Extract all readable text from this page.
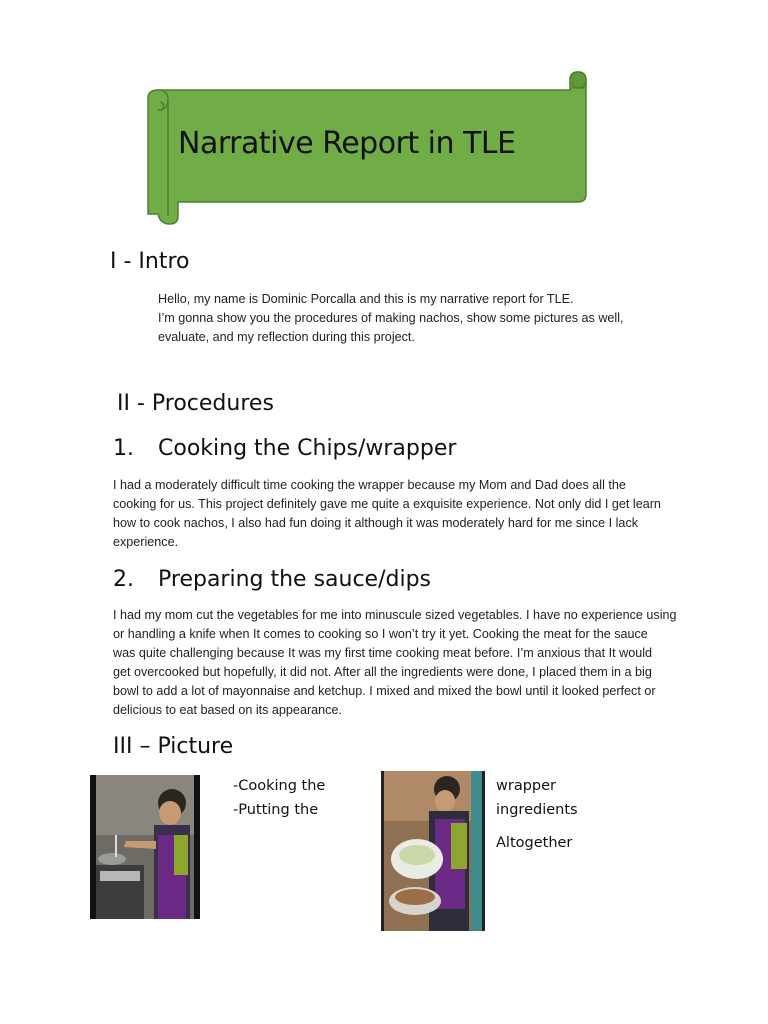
Narrative Report in TLE
I - Intro
Hello, my name is Dominic Porcalla and this is my narrative report for TLE.
I’m gonna show you the procedures of making nachos, show some pictures as well,
evaluate, and my reflection during this project.
II - Procedures
1. Cooking the Chips/wrapper
I had a moderately difficult time cooking the wrapper because my Mom and Dad does all the
cooking for us. This project definitely gave me quite a exquisite experience. Not only did I get learn
how to cook nachos, I also had fun doing it although it was moderately hard for me since I lack
experience.
2. Preparing the sauce/dips
I had my mom cut the vegetables for me into minuscule sized vegetables. I have no experience using
or handling a knife when It comes to cooking so I won’t try it yet. Cooking the meat for the sauce
was quite challenging because It was my first time cooking meat before. I’m anxious that It would
get overcooked but hopefully, it did not. After all the ingredients were done, I placed them in a big
bowl to add a lot of mayonnaise and ketchup. I mixed and mixed the bowl until it looked perfect or
delicious to eat based on its appearance.
III – Picture
-Cooking the
-Putting the
wrapper
ingredients
Altogether
